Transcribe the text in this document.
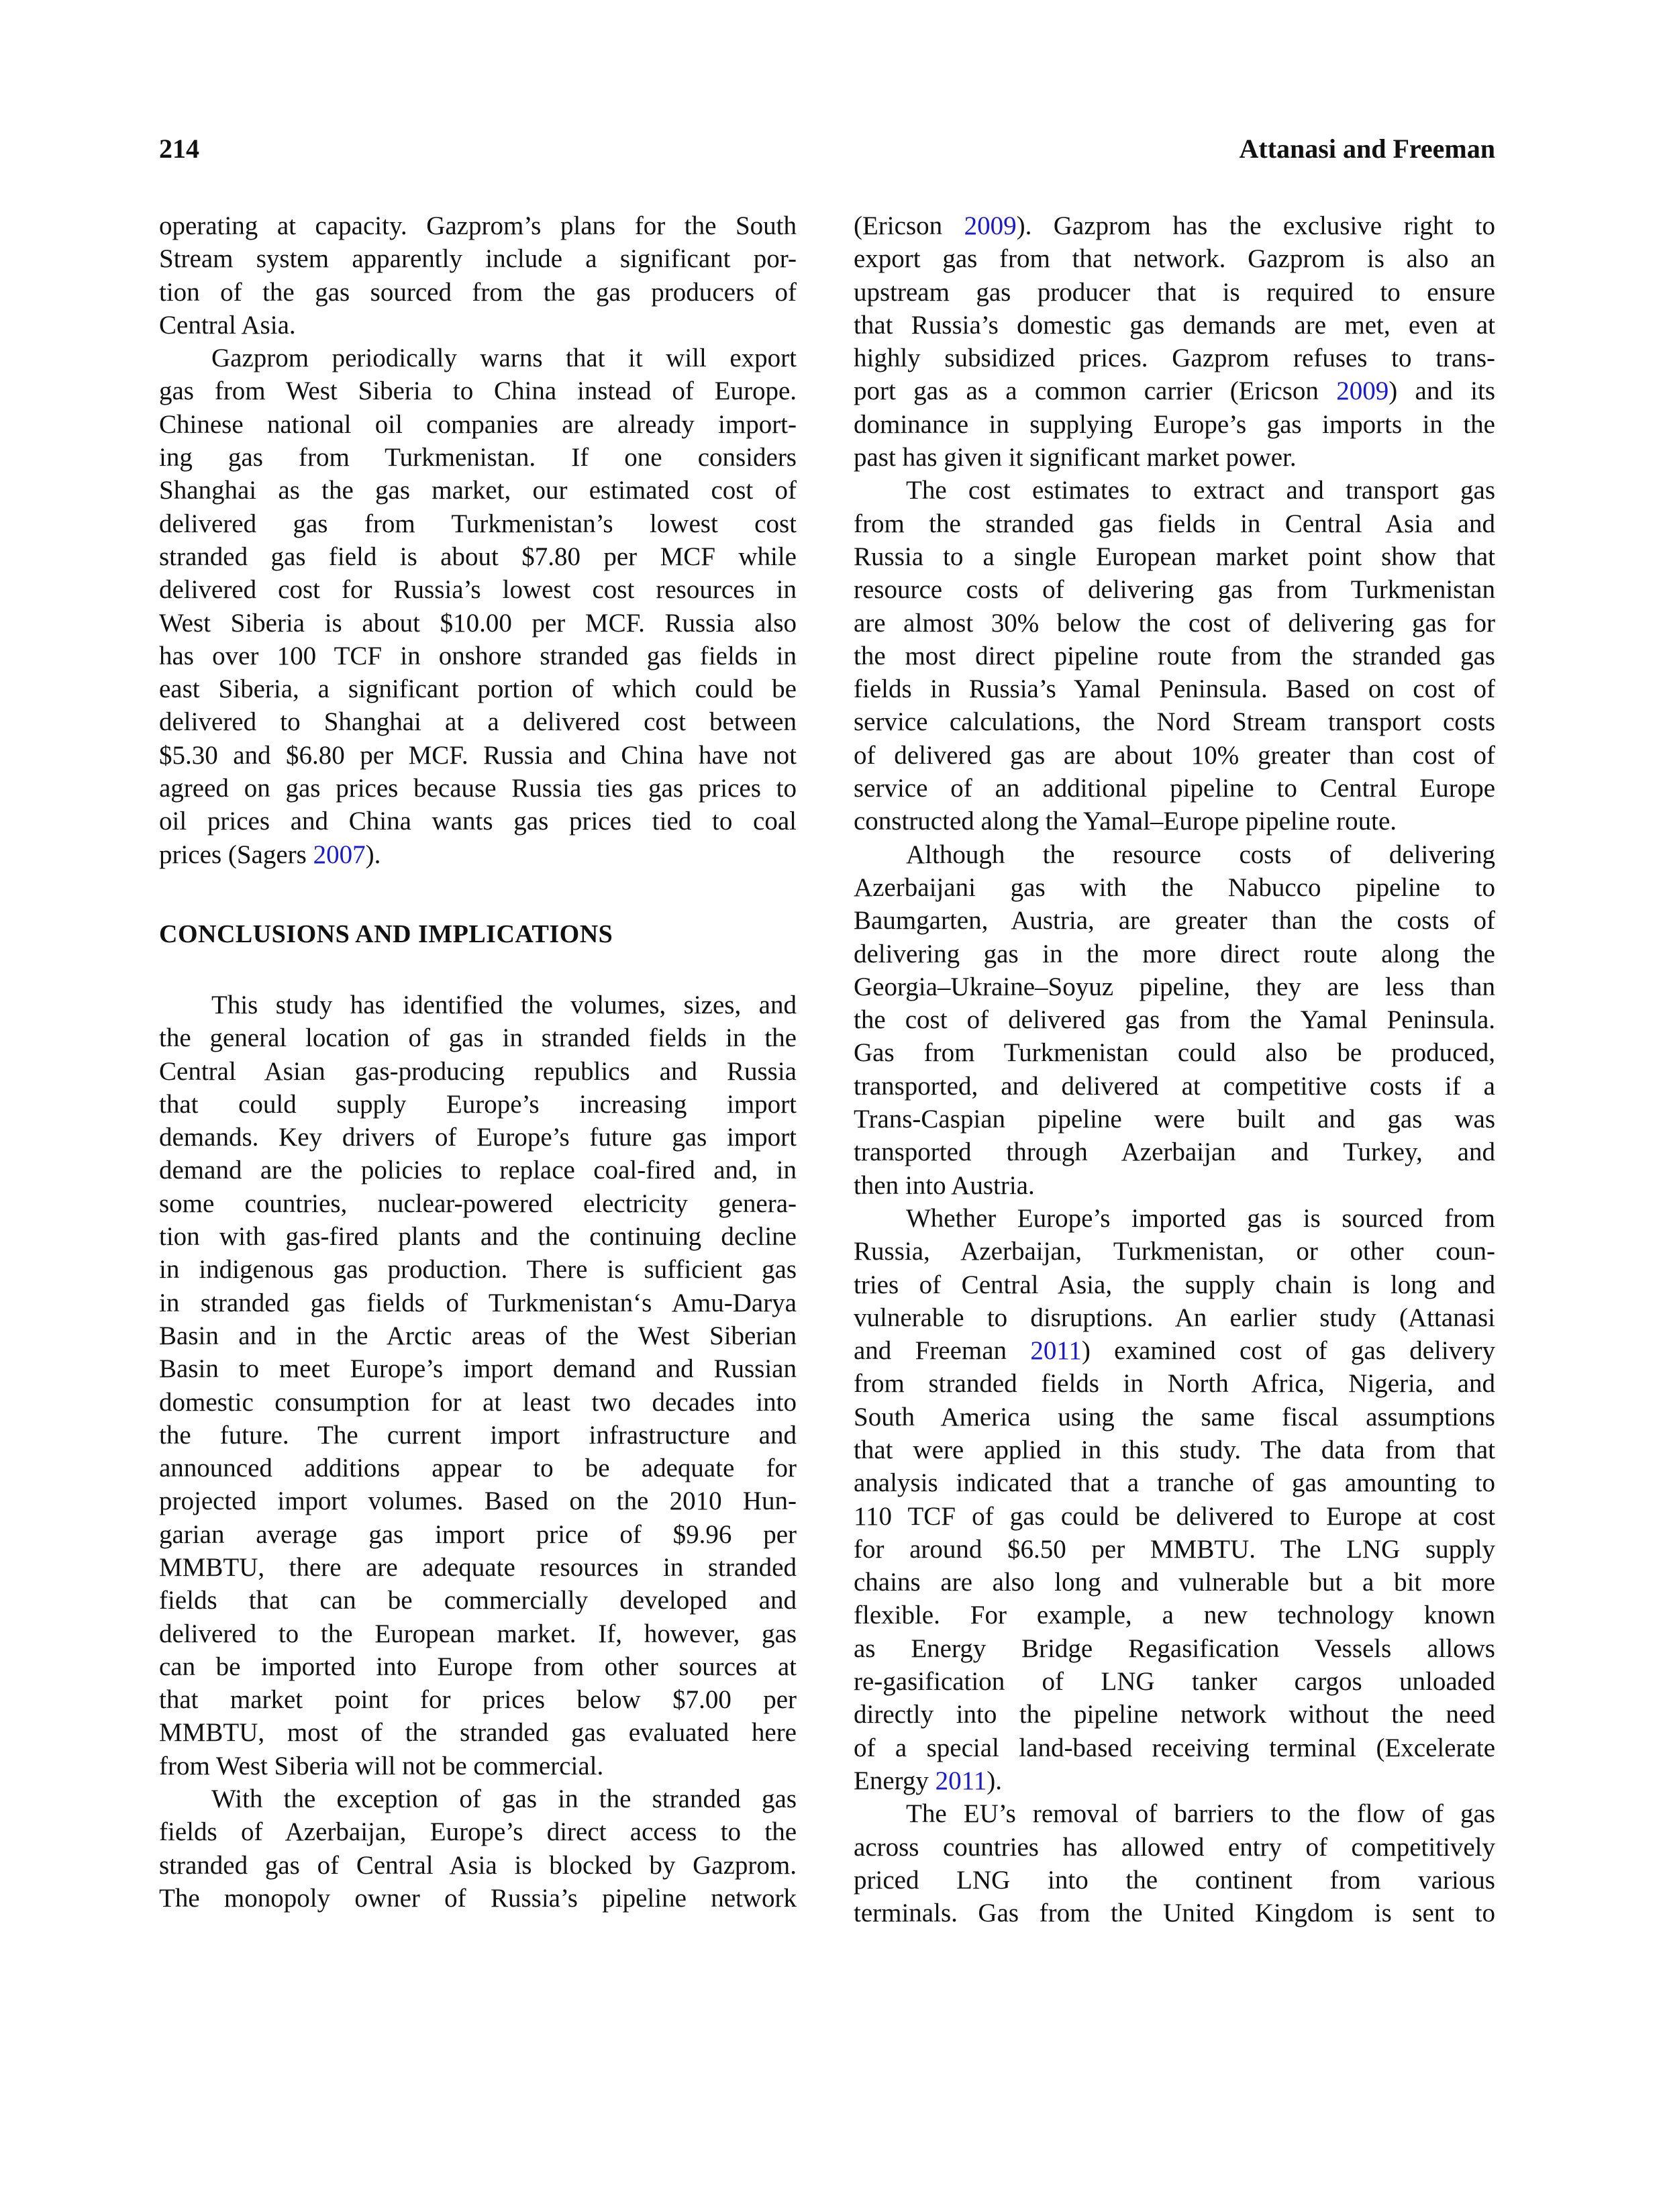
214	Attanasi and Freeman
operating at capacity. Gazprom’s plans for the South
Stream system apparently include a significant por-
tion of the gas sourced from the gas producers of
Central Asia.
Gazprom periodically warns that it will export
gas from West Siberia to China instead of Europe.
Chinese national oil companies are already import-
ing gas from Turkmenistan. If one considers
Shanghai as the gas market, our estimated cost of
delivered gas from Turkmenistan’s lowest cost
stranded gas field is about $7.80 per MCF while
delivered cost for Russia’s lowest cost resources in
West Siberia is about $10.00 per MCF. Russia also
has over 100 TCF in onshore stranded gas fields in
east Siberia, a significant portion of which could be
delivered to Shanghai at a delivered cost between
$5.30 and $6.80 per MCF. Russia and China have not
agreed on gas prices because Russia ties gas prices to
oil prices and China wants gas prices tied to coal
prices (Sagers 2007).
CONCLUSIONS AND IMPLICATIONS
This study has identified the volumes, sizes, and
the general location of gas in stranded fields in the
Central Asian gas-producing republics and Russia
that could supply Europe’s increasing import
demands. Key drivers of Europe’s future gas import
demand are the policies to replace coal-fired and, in
some countries, nuclear-powered electricity genera-
tion with gas-fired plants and the continuing decline
in indigenous gas production. There is sufficient gas
in stranded gas fields of Turkmenistan‘s Amu-Darya
Basin and in the Arctic areas of the West Siberian
Basin to meet Europe’s import demand and Russian
domestic consumption for at least two decades into
the future. The current import infrastructure and
announced additions appear to be adequate for
projected import volumes. Based on the 2010 Hun-
garian average gas import price of $9.96 per
MMBTU, there are adequate resources in stranded
fields that can be commercially developed and
delivered to the European market. If, however, gas
can be imported into Europe from other sources at
that market point for prices below $7.00 per
MMBTU, most of the stranded gas evaluated here
from West Siberia will not be commercial.
With the exception of gas in the stranded gas
fields of Azerbaijan, Europe’s direct access to the
stranded gas of Central Asia is blocked by Gazprom.
The monopoly owner of Russia’s pipeline network
(Ericson 2009). Gazprom has the exclusive right to
export gas from that network. Gazprom is also an
upstream gas producer that is required to ensure
that Russia’s domestic gas demands are met, even at
highly subsidized prices. Gazprom refuses to trans-
port gas as a common carrier (Ericson 2009) and its
dominance in supplying Europe’s gas imports in the
past has given it significant market power.
The cost estimates to extract and transport gas
from the stranded gas fields in Central Asia and
Russia to a single European market point show that
resource costs of delivering gas from Turkmenistan
are almost 30% below the cost of delivering gas for
the most direct pipeline route from the stranded gas
fields in Russia’s Yamal Peninsula. Based on cost of
service calculations, the Nord Stream transport costs
of delivered gas are about 10% greater than cost of
service of an additional pipeline to Central Europe
constructed along the Yamal–Europe pipeline route.
Although the resource costs of delivering
Azerbaijani gas with the Nabucco pipeline to
Baumgarten, Austria, are greater than the costs of
delivering gas in the more direct route along the
Georgia–Ukraine–Soyuz pipeline, they are less than
the cost of delivered gas from the Yamal Peninsula.
Gas from Turkmenistan could also be produced,
transported, and delivered at competitive costs if a
Trans-Caspian pipeline were built and gas was
transported through Azerbaijan and Turkey, and
then into Austria.
Whether Europe’s imported gas is sourced from
Russia, Azerbaijan, Turkmenistan, or other coun-
tries of Central Asia, the supply chain is long and
vulnerable to disruptions. An earlier study (Attanasi
and Freeman 2011) examined cost of gas delivery
from stranded fields in North Africa, Nigeria, and
South America using the same fiscal assumptions
that were applied in this study. The data from that
analysis indicated that a tranche of gas amounting to
110 TCF of gas could be delivered to Europe at cost
for around $6.50 per MMBTU. The LNG supply
chains are also long and vulnerable but a bit more
flexible. For example, a new technology known
as Energy Bridge Regasification Vessels allows
re-gasification of LNG tanker cargos unloaded
directly into the pipeline network without the need
of a special land-based receiving terminal (Excelerate
Energy 2011).
The EU’s removal of barriers to the flow of gas
across countries has allowed entry of competitively
priced LNG into the continent from various
terminals. Gas from the United Kingdom is sent to
